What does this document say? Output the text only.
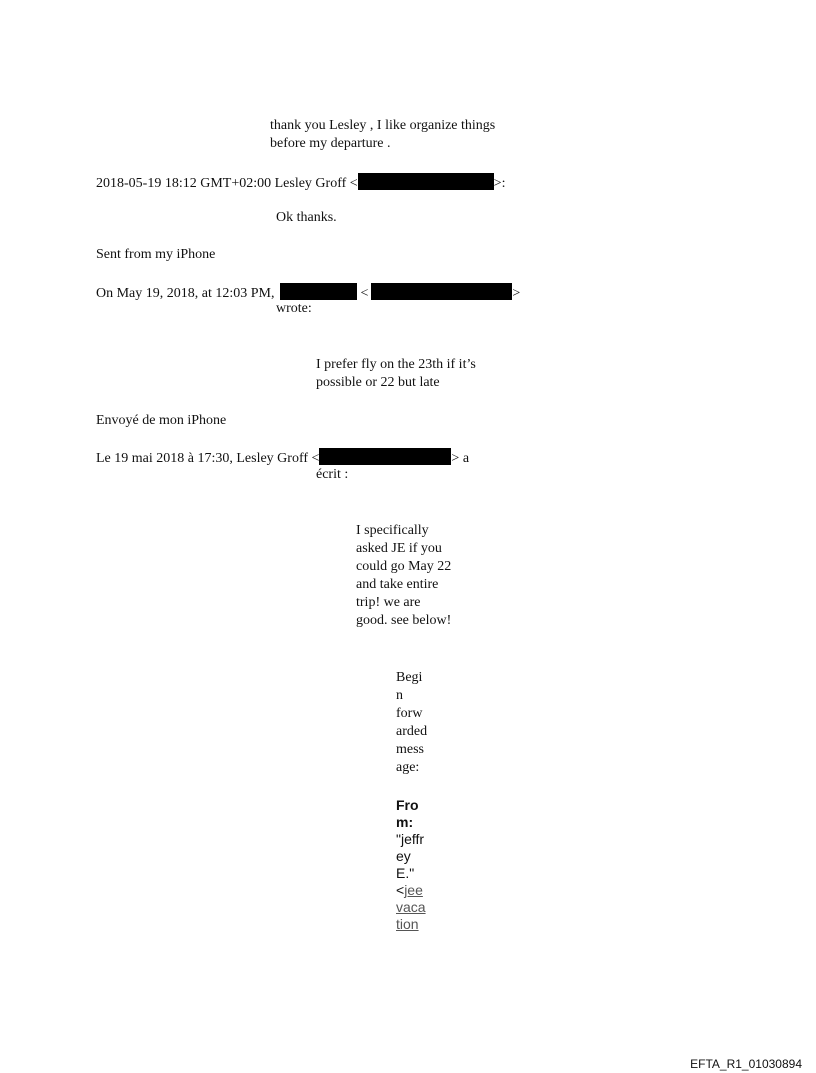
thank you Lesley , I like organize things
before my departure .
2018-05-19 18:12 GMT+02:00 Lesley Groff <	>:
Ok thanks.
Sent from my iPhone
On May 19, 2018, at 12:03 PM,	<	>
wrote:
I prefer fly on the 23th if it’s
possible or 22 but late
Envoyé de mon iPhone
Le 19 mai 2018 à 17:30, Lesley Groff <	> a
écrit :
I specifically
asked JE if you
could go May 22
and take entire
trip! we are
good. see below!
Begi
n
forw
arded
mess
age:
Fro
m:
"jeffr
ey
E."
<jee
vaca
tion
EFTA_R1_01030894
